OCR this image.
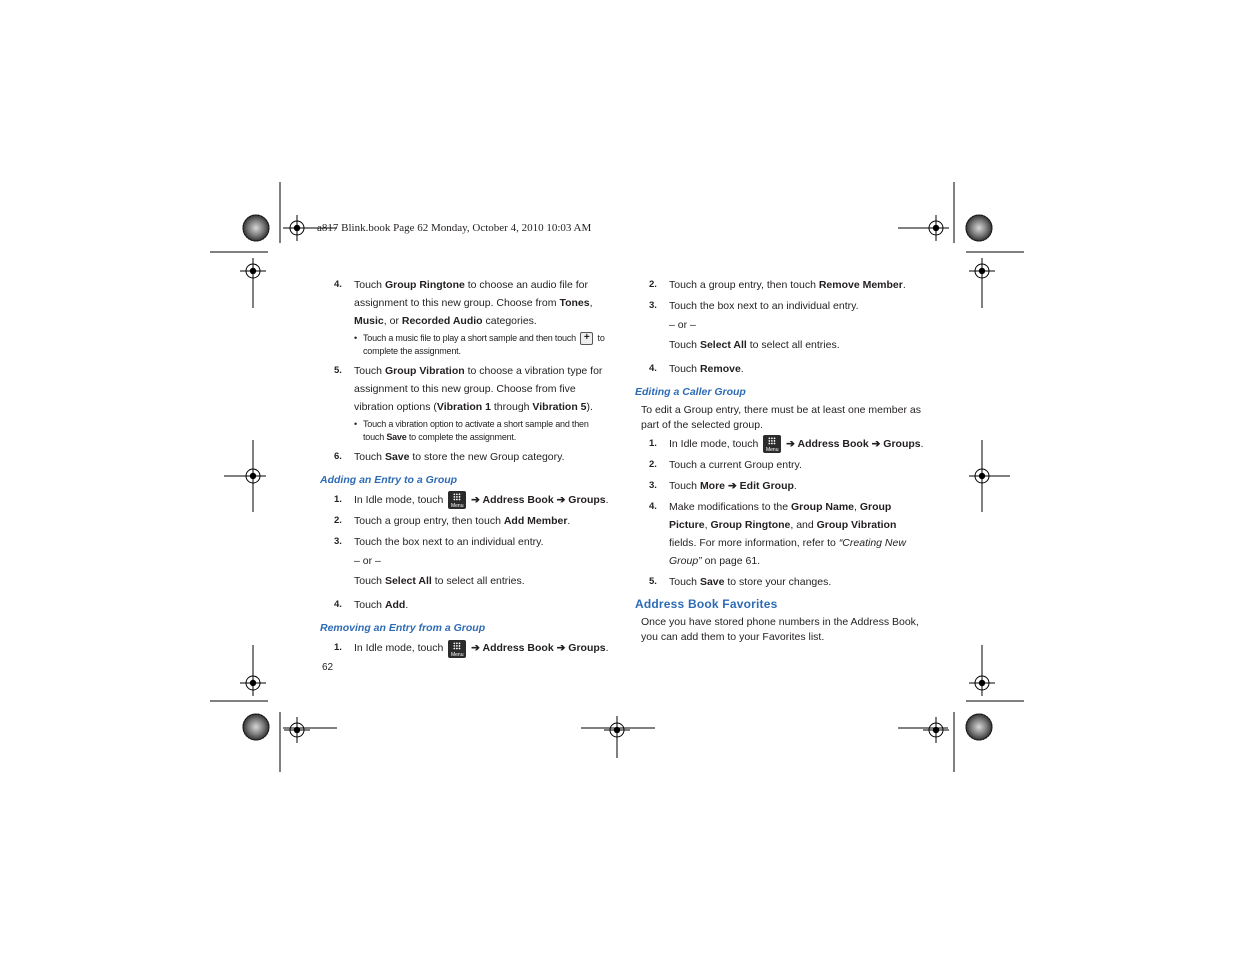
a817 Blink.book Page 62 Monday, October 4, 2010 10:03 AM
4. Touch Group Ringtone to choose an audio file for assignment to this new group. Choose from Tones, Music, or Recorded Audio categories.

• Touch a music file to play a short sample and then touch + to complete the assignment.
5. Touch Group Vibration to choose a vibration type for assignment to this new group. Choose from five vibration options (Vibration 1 through Vibration 5).

• Touch a vibration option to activate a short sample and then touch Save to complete the assignment.
6. Touch Save to store the new Group category.

Adding an Entry to a Group
1. In Idle mode, touch
Menu
➔ Address Book ➔ Groups.

2. Touch a group entry, then touch Add Member.

3. Touch the box next to an individual entry.

– or –

Touch Select All to select all entries.

4. Touch Add.

Removing an Entry from a Group
1. In Idle mode, touch
Menu
➔ Address Book ➔ Groups.

62
2. Touch a group entry, then touch Remove Member.

3. Touch the box next to an individual entry.

– or –

Touch Select All to select all entries.

4. Touch Remove.

Editing a Caller Group
To edit a Group entry, there must be at least one member as part of the selected group.
1. In Idle mode, touch
Menu
➔ Address Book ➔ Groups.

2. Touch a current Group entry.

3. Touch More ➔ Edit Group.

4. Make modifications to the Group Name, Group Picture, Group Ringtone, and Group Vibration fields. For more information, refer to “Creating New Group” on page 61.

5. Touch Save to store your changes.

Address Book Favorites
Once you have stored phone numbers in the Address Book, you can add them to your Favorites list.
